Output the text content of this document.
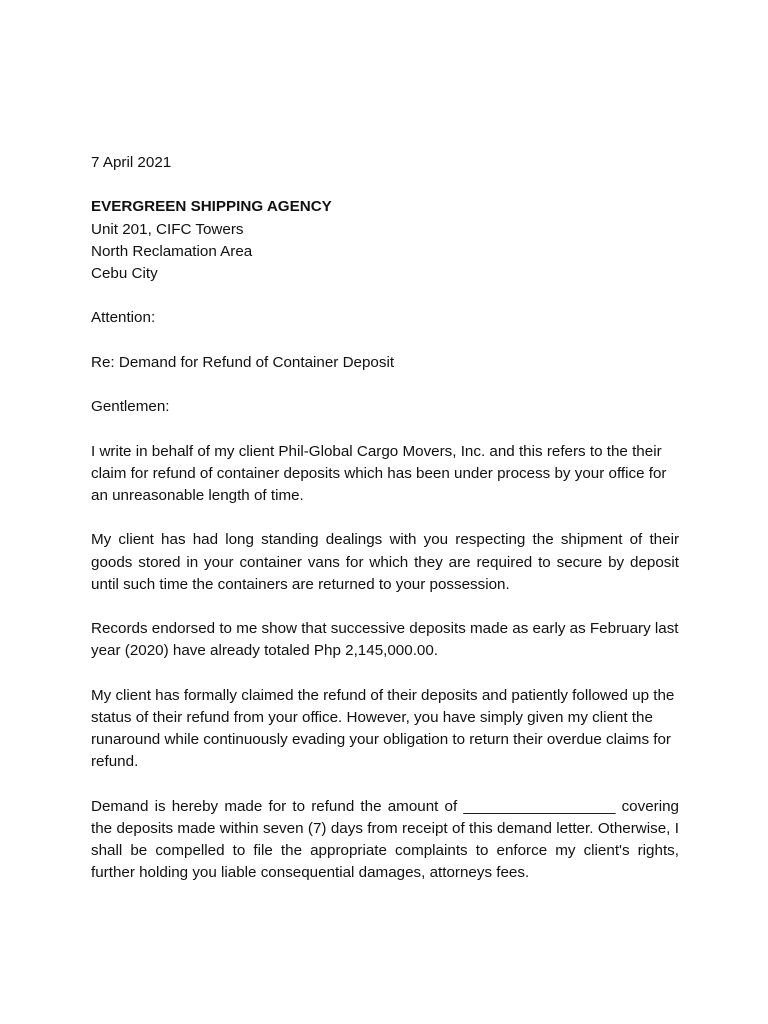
7 April 2021
EVERGREEN SHIPPING AGENCY
Unit 201, CIFC Towers
North Reclamation Area
Cebu City
Attention:
Re: Demand for Refund of Container Deposit
Gentlemen:

I write in behalf of my client Phil-Global Cargo Movers, Inc. and this refers to the their claim for refund of container deposits which has been under process by your office for an unreasonable length of time.

My client has had long standing dealings with you respecting the shipment of their goods stored in your container vans for which they are required to secure by deposit until such time the containers are returned to your possession.

Records endorsed to me show that successive deposits made as early as February last year (2020) have already totaled Php 2,145,000.00.

My client has formally claimed the refund of their deposits and patiently followed up the status of their refund from your office. However, you have simply given my client the runaround while continuously evading your obligation to return their overdue claims for refund.

Demand is hereby made for to refund the amount of __________________ covering the deposits made within seven (7) days from receipt of this demand letter. Otherwise, I shall be compelled to file the appropriate complaints to enforce my client's rights, further holding you liable consequential damages, attorneys fees.
